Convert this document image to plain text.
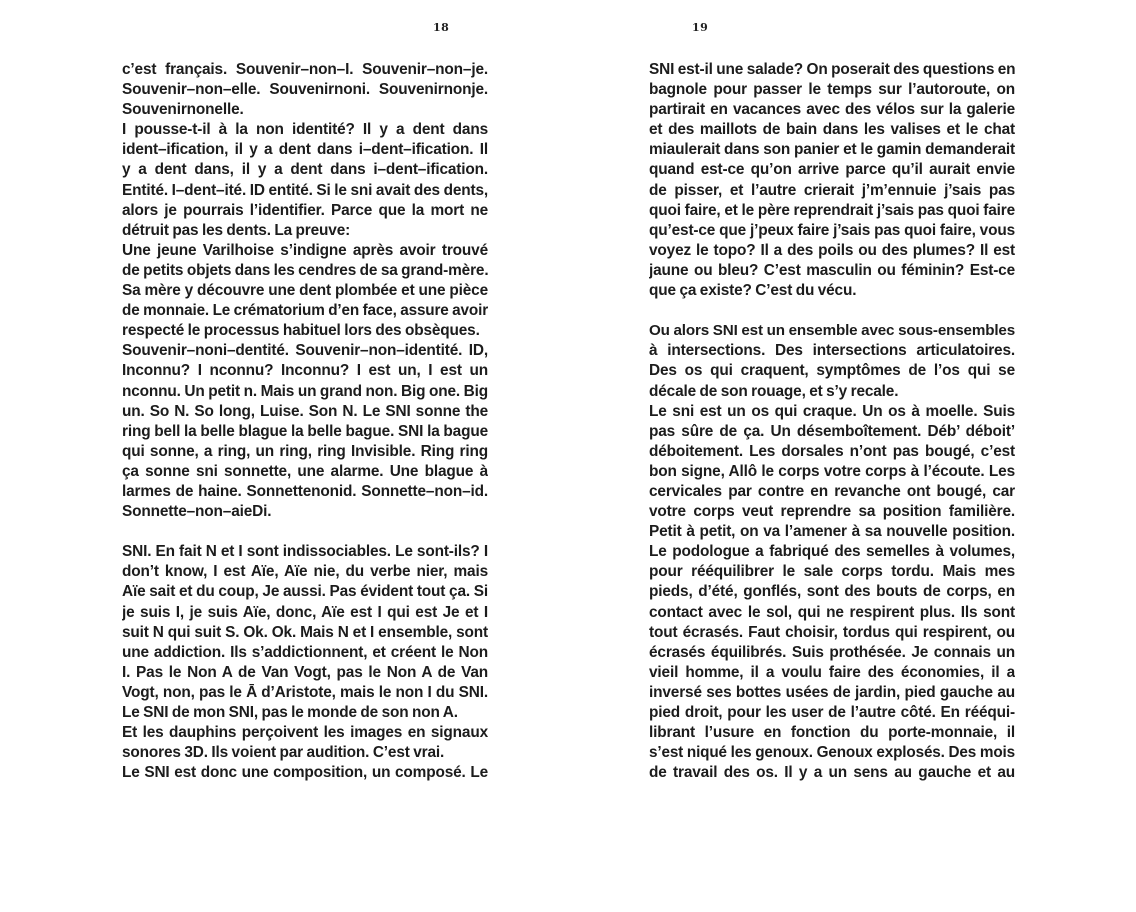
18
c’est français. Souvenir–non–I. Souvenir–non–je.
Souvenir–non–elle. Souvenirnoni. Souvenirnonje.
Souvenirnonelle.
I pousse-t-il à la non identité? Il y a dent dans
ident–ification, il y a dent dans i–dent–ification. Il
y a dent dans, il y a dent dans i–dent–ification.
Entité. I–dent–ité. ID entité. Si le sni avait des dents,
alors je pourrais l’identifier. Parce que la mort ne
détruit pas les dents. La preuve:
Une jeune Varilhoise s’indigne après avoir trouvé
de petits objets dans les cendres de sa grand-mère.
Sa mère y découvre une dent plombée et une pièce
de monnaie. Le crématorium d’en face, assure avoir
respecté le processus habituel lors des obsèques.
Souvenir–noni–dentité. Souvenir–non–identité. ID,
Inconnu? I nconnu? Inconnu? I est un, I est un
nconnu. Un petit n. Mais un grand non. Big one. Big
un. So N. So long, Luise. Son N. Le SNI sonne the
ring bell la belle blague la belle bague. SNI la bague
qui sonne, a ring, un ring, ring Invisible. Ring ring
ça sonne sni sonnette, une alarme. Une blague à
larmes de haine. Sonnettenonid. Sonnette–non–id.
Sonnette–non–aieDi.
SNI. En fait N et I sont indissociables. Le sont-ils? I
don’t know, I est Aïe, Aïe nie, du verbe nier, mais
Aïe sait et du coup, Je aussi. Pas évident tout ça. Si
je suis I, je suis Aïe, donc, Aïe est I qui est Je et I
suit N qui suit S. Ok. Ok. Mais N et I ensemble, sont
une addiction. Ils s’addictionnent, et créent le Non
I. Pas le Non A de Van Vogt, pas le Non A de Van
Vogt, non, pas le Ā d’Aristote, mais le non I du SNI.
Le SNI de mon SNI, pas le monde de son non A.
Et les dauphins perçoivent les images en signaux
sonores 3D. Ils voient par audition. C’est vrai.
Le SNI est donc une composition, un composé. Le
19
SNI est-il une salade? On poserait des questions en
bagnole pour passer le temps sur l’autoroute, on
partirait en vacances avec des vélos sur la galerie
et des maillots de bain dans les valises et le chat
miaulerait dans son panier et le gamin demanderait
quand est-ce qu’on arrive parce qu’il aurait envie
de pisser, et l’autre crierait j’m’ennuie j’sais pas
quoi faire, et le père reprendrait j’sais pas quoi faire
qu’est-ce que j’peux faire j’sais pas quoi faire, vous
voyez le topo? Il a des poils ou des plumes? Il est
jaune ou bleu? C’est masculin ou féminin? Est-ce
que ça existe? C’est du vécu.
Ou alors SNI est un ensemble avec sous-ensembles
à intersections. Des intersections articulatoires.
Des os qui craquent, symptômes de l’os qui se
décale de son rouage, et s’y recale.
Le sni est un os qui craque. Un os à moelle. Suis
pas sûre de ça. Un désemboîtement. Déb’ déboit’
déboitement. Les dorsales n’ont pas bougé, c’est
bon signe, Allô le corps votre corps à l’écoute. Les
cervicales par contre en revanche ont bougé, car
votre corps veut reprendre sa position familière.
Petit à petit, on va l’amener à sa nouvelle position.
Le podologue a fabriqué des semelles à volumes,
pour rééquilibrer le sale corps tordu. Mais mes
pieds, d’été, gonflés, sont des bouts de corps, en
contact avec le sol, qui ne respirent plus. Ils sont
tout écrasés. Faut choisir, tordus qui respirent, ou
écrasés équilibrés. Suis prothésée. Je connais un
vieil homme, il a voulu faire des économies, il a
inversé ses bottes usées de jardin, pied gauche au
pied droit, pour les user de l’autre côté. En rééqui-
librant l’usure en fonction du porte-monnaie, il
s’est niqué les genoux. Genoux explosés. Des mois
de travail des os. Il y a un sens au gauche et au
